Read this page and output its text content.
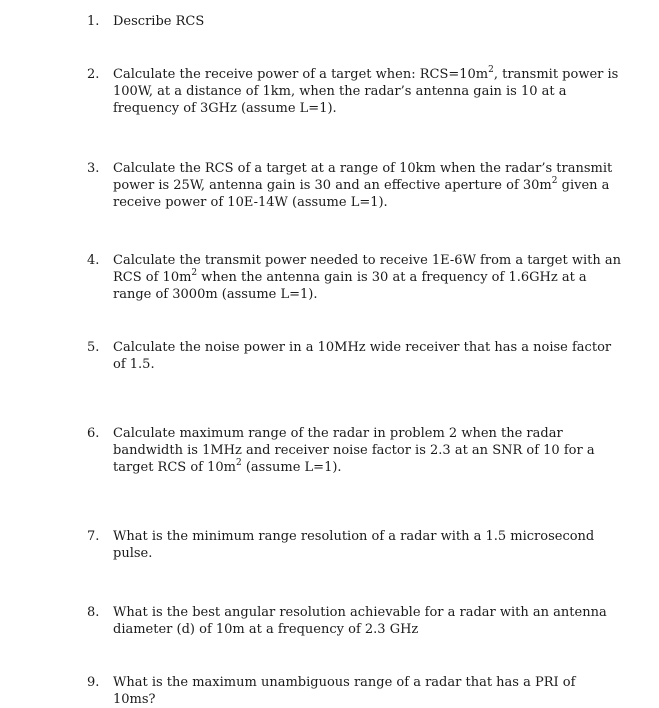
1.	Describe RCS
2.	Calculate the receive power of a target when: $RCS=10m^2$, transmit power is 100W, at a distance of 1km, when the radar’s antenna gain is 10 at a frequency of 3GHz (assume L=1).
3.	Calculate the RCS of a target at a range of 10km when the radar’s transmit power is 25W, antenna gain is 30 and an effective aperture of $30m^2$ given a receive power of 10E-14W (assume L=1).
4.	Calculate the transmit power needed to receive 1E-6W from a target with an RCS of $10m^2$ when the antenna gain is 30 at a frequency of 1.6GHz at a range of 3000m (assume L=1).
5.	Calculate the noise power in a 10MHz wide receiver that has a noise factor of 1.5.
6.	Calculate maximum range of the radar in problem 2 when the radar bandwidth is 1MHz and receiver noise factor is 2.3 at an SNR of 10 for a target RCS of $10m^2$ (assume L=1).
7.	What is the minimum range resolution of a radar with a 1.5 microsecond pulse.
8.	What is the best angular resolution achievable for a radar with an antenna diameter (d) of 10m at a frequency of 2.3 GHz
9.	What is the maximum unambiguous range of a radar that has a PRI of 10ms?
